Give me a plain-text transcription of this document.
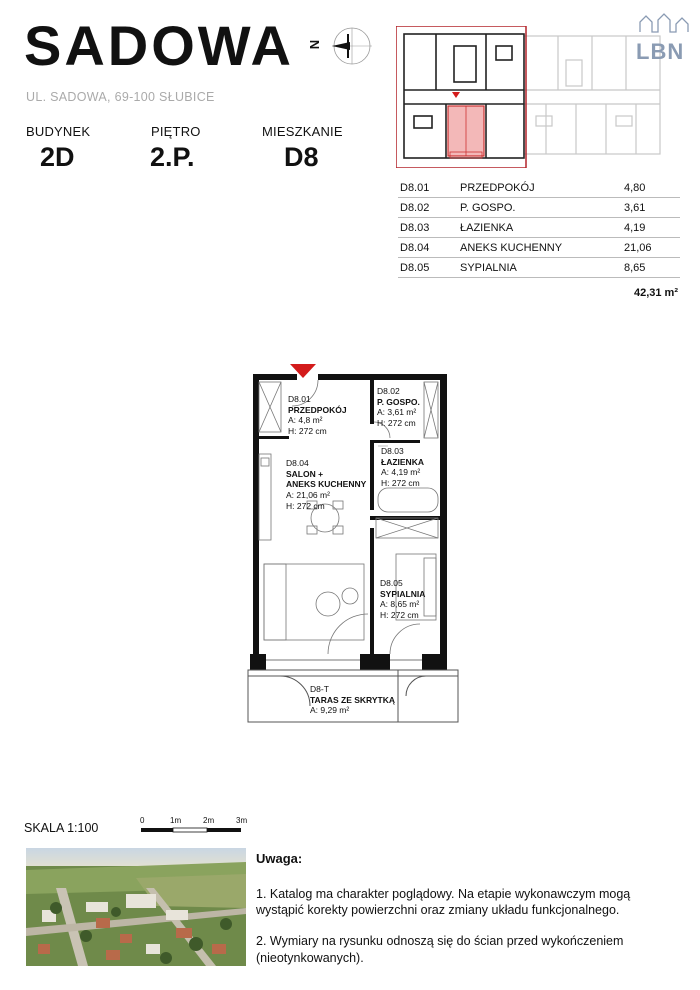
SADOWA N
UL. SADOWA, 69-100 SŁUBICE
BUDYNEK
2D
PIĘTRO
2.P.
MIESZKANIE
D8
LBN
D8.01	PRZEDPOKÓJ	4,80
D8.02	P. GOSPO.	3,61
D8.03	ŁAZIENKA	4,19
D8.04	ANEKS KUCHENNY	21,06
D8.05	SYPIALNIA	8,65
		42,31 m²
D8.01
PRZEDPOKÓJ
A: 4,8 m²
H: 272 cm
D8.02
P. GOSPO.
A: 3,61 m²
H: 272 cm
D8.03
ŁAZIENKA
A: 4,19 m²
H: 272 cm
D8.04
SALON +
ANEKS KUCHENNY
A: 21,06 m²
H: 272 cm
D8.05
SYPIALNIA
A: 8,65 m²
H: 272 cm
D8-T
TARAS ZE SKRYTKĄ
A: 9,29 m²
SKALA 1:100
0	1m	2m	3m
Uwaga:

1. Katalog ma charakter poglądowy. Na etapie wykonawczym mogą wystąpić korekty powierzchni oraz zmiany układu funkcjonalnego.

2. Wymiary na rysunku odnoszą się do ścian przed wykończeniem (nieotynkowanych).
